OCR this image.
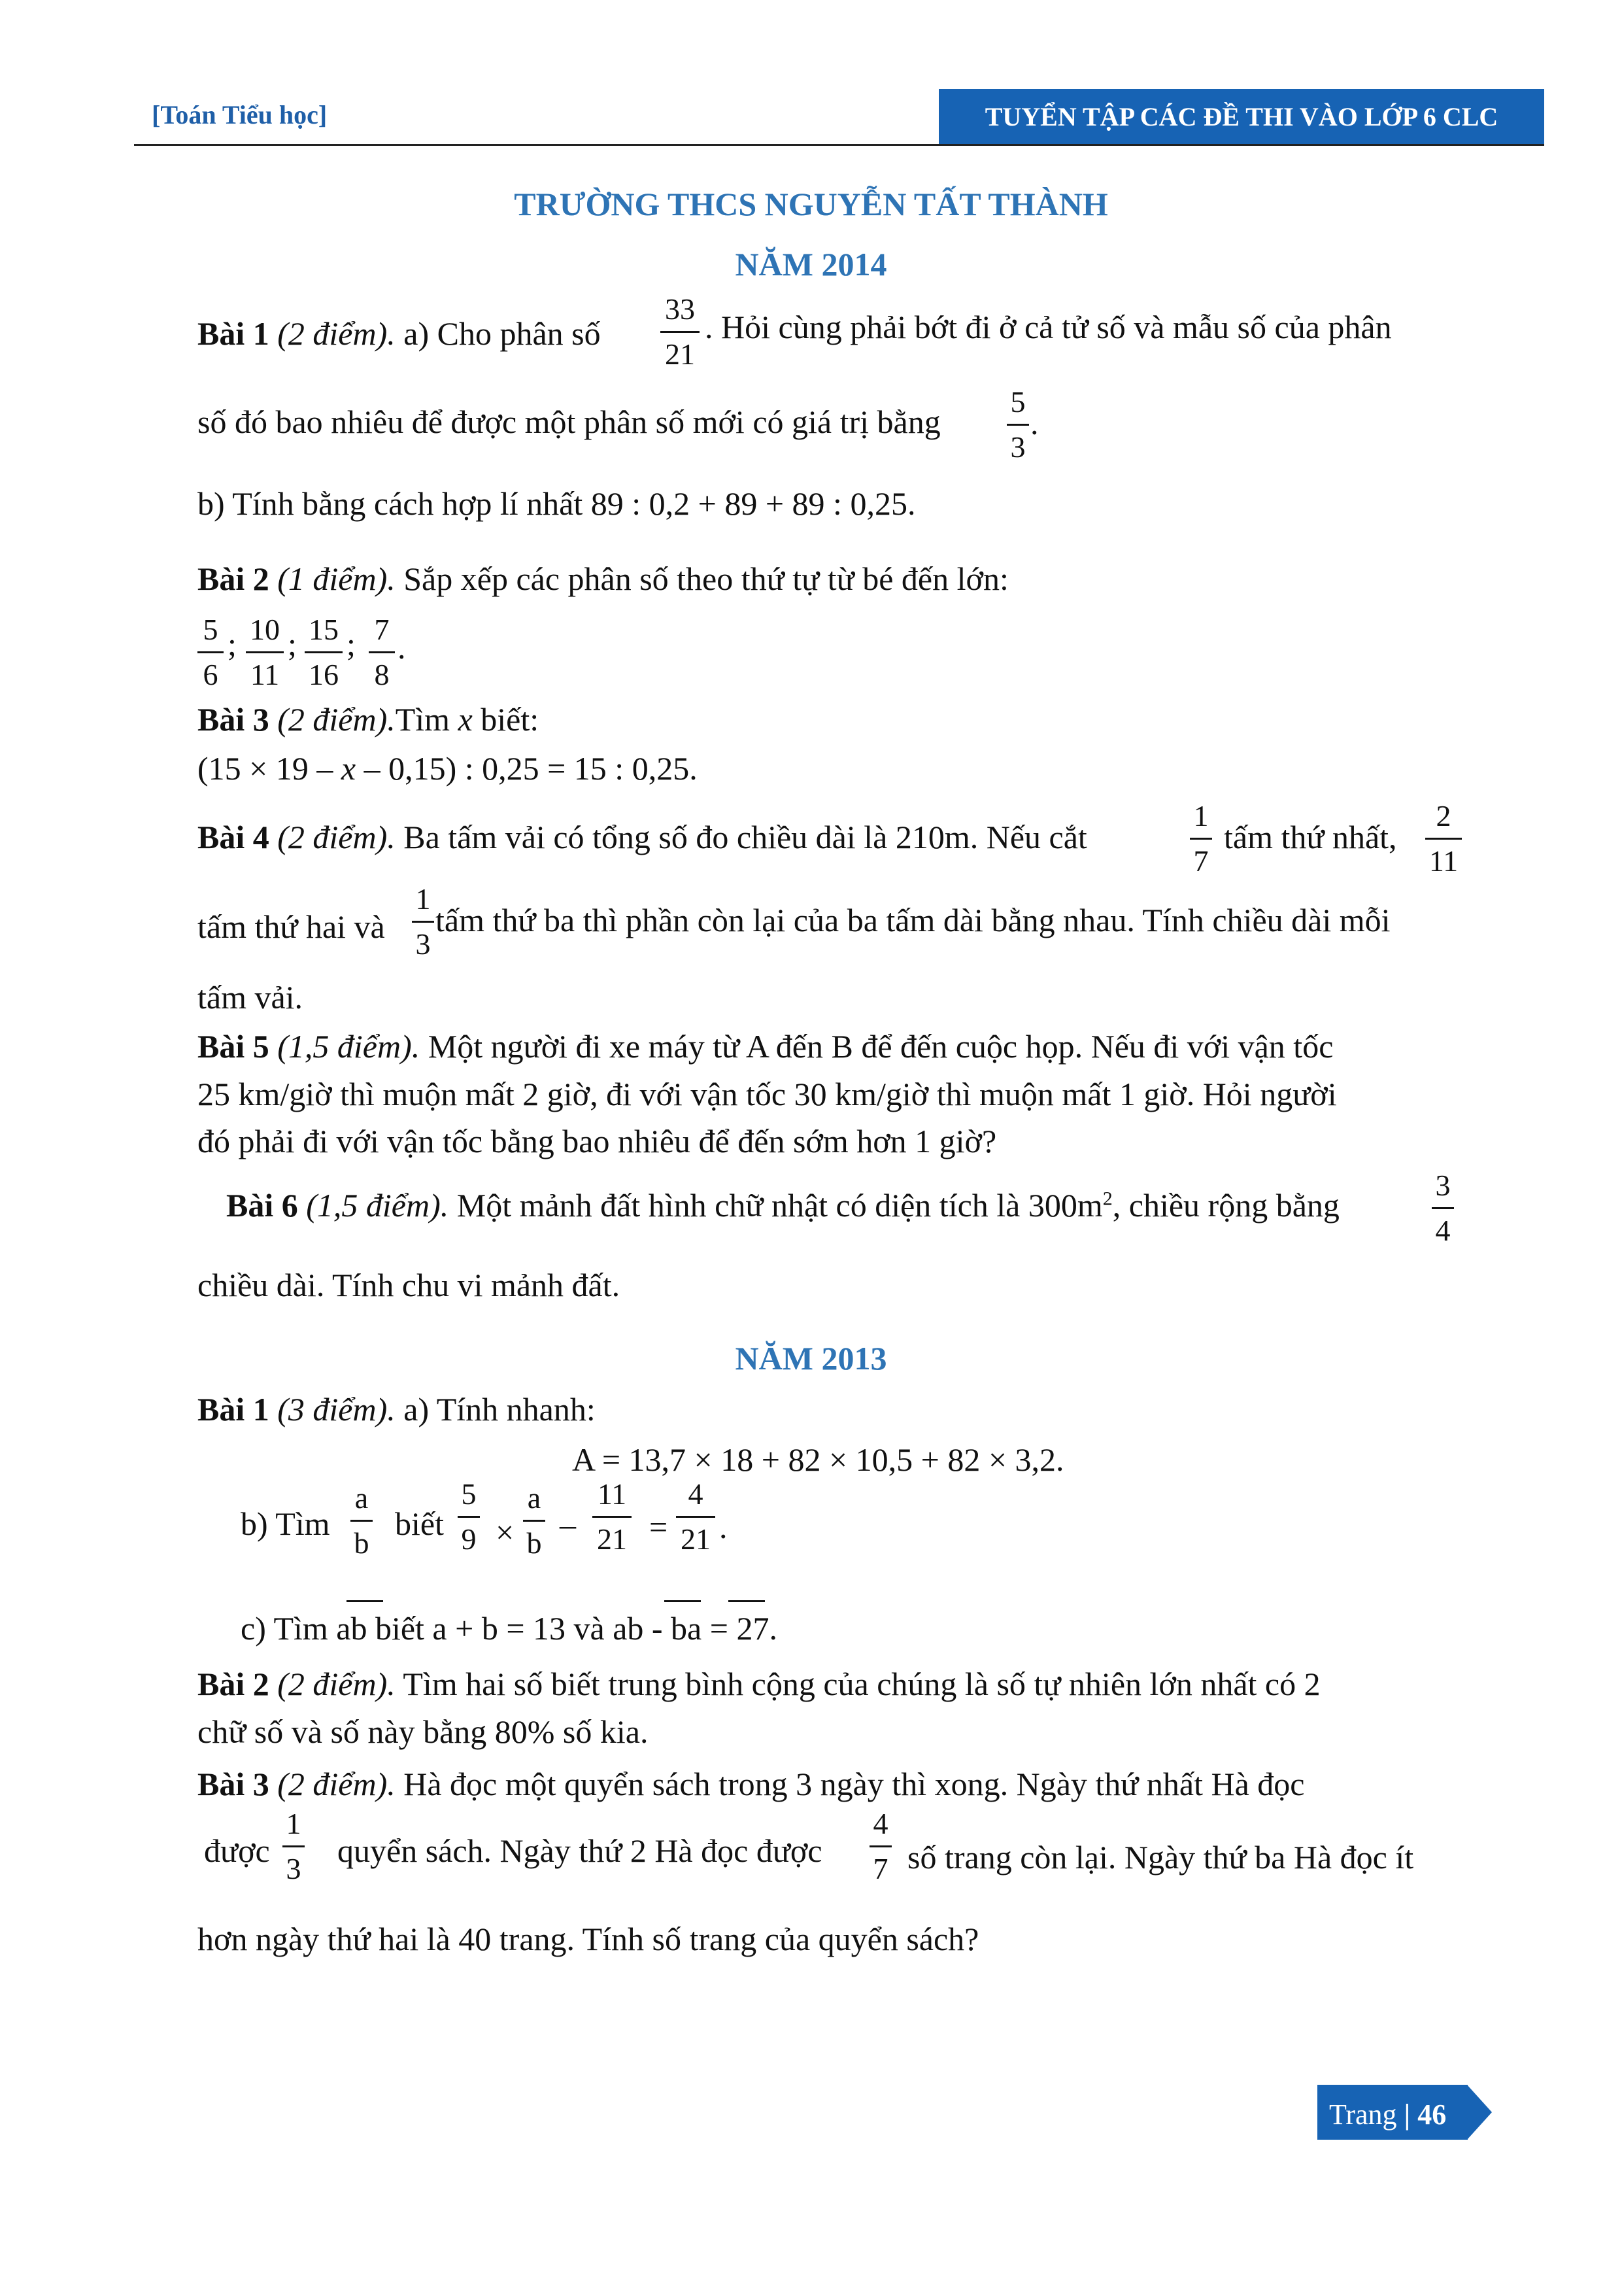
[Toán Tiểu học]	TUYỂN TẬP CÁC ĐỀ THI VÀO LỚP 6 CLC
TRƯỜNG THCS NGUYỄN TẤT THÀNH
NĂM 2014
Bài 1 (2 điểm). a) Cho phân số
33
21
. Hỏi cùng phải bớt đi ở cả tử số và mẫu số của phân
số đó bao nhiêu để được một phân số mới có giá trị bằng
5
3
.
b) Tính bằng cách hợp lí nhất 89 : 0,2 + 89 + 89 : 0,25.
Bài 2 (1 điểm). Sắp xếp các phân số theo thứ tự từ bé đến lớn:
5
6
; 10
11
; 15
16
; 7
8
.
Bài 3 (2 điểm).Tìm x biết:
(15 × 19 – x – 0,15) : 0,25 = 15 : 0,25.
Bài 4 (2 điểm). Ba tấm vải có tổng số đo chiều dài là 210m. Nếu cắt
1
7
tấm thứ nhất,
2
11
tấm thứ hai và
1
3
tấm thứ ba thì phần còn lại của ba tấm dài bằng nhau. Tính chiều dài mỗi
tấm vải.
Bài 5 (1,5 điểm). Một người đi xe máy từ A đến B để đến cuộc họp. Nếu đi với vận tốc
25 km/giờ thì muộn mất 2 giờ, đi với vận tốc 30 km/giờ thì muộn mất 1 giờ. Hỏi người
đó phải đi với vận tốc bằng bao nhiêu để đến sớm hơn 1 giờ?
Bài 6 (1,5 điểm). Một mảnh đất hình chữ nhật có diện tích là $300m^2$, chiều rộng bằng
3
4
chiều dài. Tính chu vi mảnh đất.
NĂM 2013
Bài 1 (3 điểm). a) Tính nhanh:
A = 13,7 × 18 + 82 × 10,5 + 82 × 3,2.
b) Tìm
a
b
biết
5
9 ×
a
b
–
11
21 =
4
21 .
c) Tìm ab biết a + b = 13 và ab - ba = 27.
Bài 2 (2 điểm). Tìm hai số biết trung bình cộng của chúng là số tự nhiên lớn nhất có 2
chữ số và số này bằng 80% số kia.
Bài 3 (2 điểm). Hà đọc một quyển sách trong 3 ngày thì xong. Ngày thứ nhất Hà đọc
được
1
3 quyển sách. Ngày thứ 2 Hà đọc được
4
7 số trang còn lại. Ngày thứ ba Hà đọc ít
hơn ngày thứ hai là 40 trang. Tính số trang của quyển sách?
Trang | 46
